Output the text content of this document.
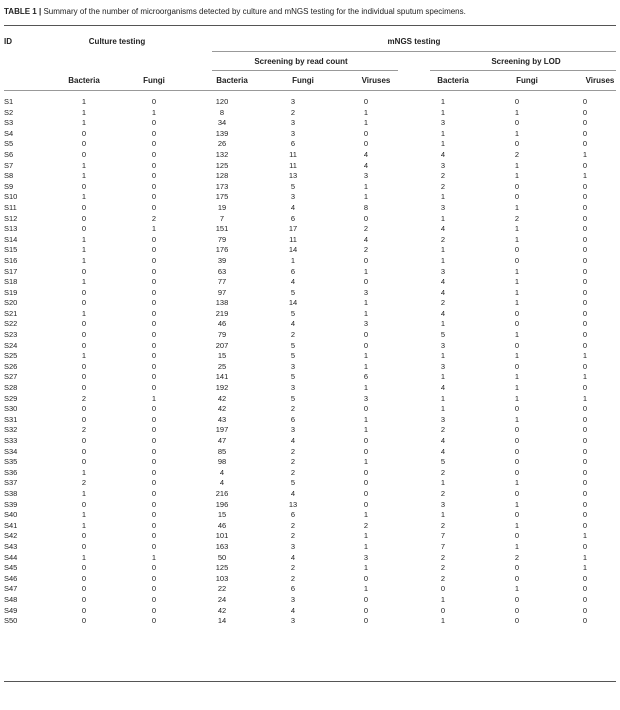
TABLE 1 | Summary of the number of microorganisms detected by culture and mNGS testing for the individual sputum specimens.
ID	Culture testing	mNGS testing
Screening by read count	Screening by LOD
Bacteria	Fungi	Bacteria	Fungi	Viruses	Bacteria	Fungi	Viruses
S1	1	0	120	3	0	1	0	0
S2	1	1	8	2	1	1	1	0
S3	1	0	34	3	1	3	0	0
S4	0	0	139	3	0	1	1	0
S5	0	0	26	6	0	1	0	0
S6	0	0	132	11	4	4	2	1
S7	1	0	125	11	4	3	1	0
S8	1	0	128	13	3	2	1	1
S9	0	0	173	5	1	2	0	0
S10	1	0	175	3	1	1	0	0
S11	0	0	19	4	8	3	1	0
S12	0	2	7	6	0	1	2	0
S13	0	1	151	17	2	4	1	0
S14	1	0	79	11	4	2	1	0
S15	1	0	176	14	2	1	0	0
S16	1	0	39	1	0	1	0	0
S17	0	0	63	6	1	3	1	0
S18	1	0	77	4	0	4	1	0
S19	0	0	97	5	3	4	1	0
S20	0	0	138	14	1	2	1	0
S21	1	0	219	5	1	4	0	0
S22	0	0	46	4	3	1	0	0
S23	0	0	79	2	0	5	1	0
S24	0	0	207	5	0	3	0	0
S25	1	0	15	5	1	1	1	1
S26	0	0	25	3	1	3	0	0
S27	0	0	141	5	6	1	1	1
S28	0	0	192	3	1	4	1	0
S29	2	1	42	5	3	1	1	1
S30	0	0	42	2	0	1	0	0
S31	0	0	43	6	1	3	1	0
S32	2	0	197	3	1	2	0	0
S33	0	0	47	4	0	4	0	0
S34	0	0	85	2	0	4	0	0
S35	0	0	98	2	1	5	0	0
S36	1	0	4	2	0	2	0	0
S37	2	0	4	5	0	1	1	0
S38	1	0	216	4	0	2	0	0
S39	0	0	196	13	0	3	1	0
S40	1	0	15	6	1	1	0	0
S41	1	0	46	2	2	2	1	0
S42	0	0	101	2	1	7	0	1
S43	0	0	163	3	1	7	1	0
S44	1	1	50	4	3	2	2	1
S45	0	0	125	2	1	2	0	1
S46	0	0	103	2	0	2	0	0
S47	0	0	22	6	1	0	1	0
S48	0	0	24	3	0	1	0	0
S49	0	0	42	4	0	0	0	0
S50	0	0	14	3	0	1	0	0
